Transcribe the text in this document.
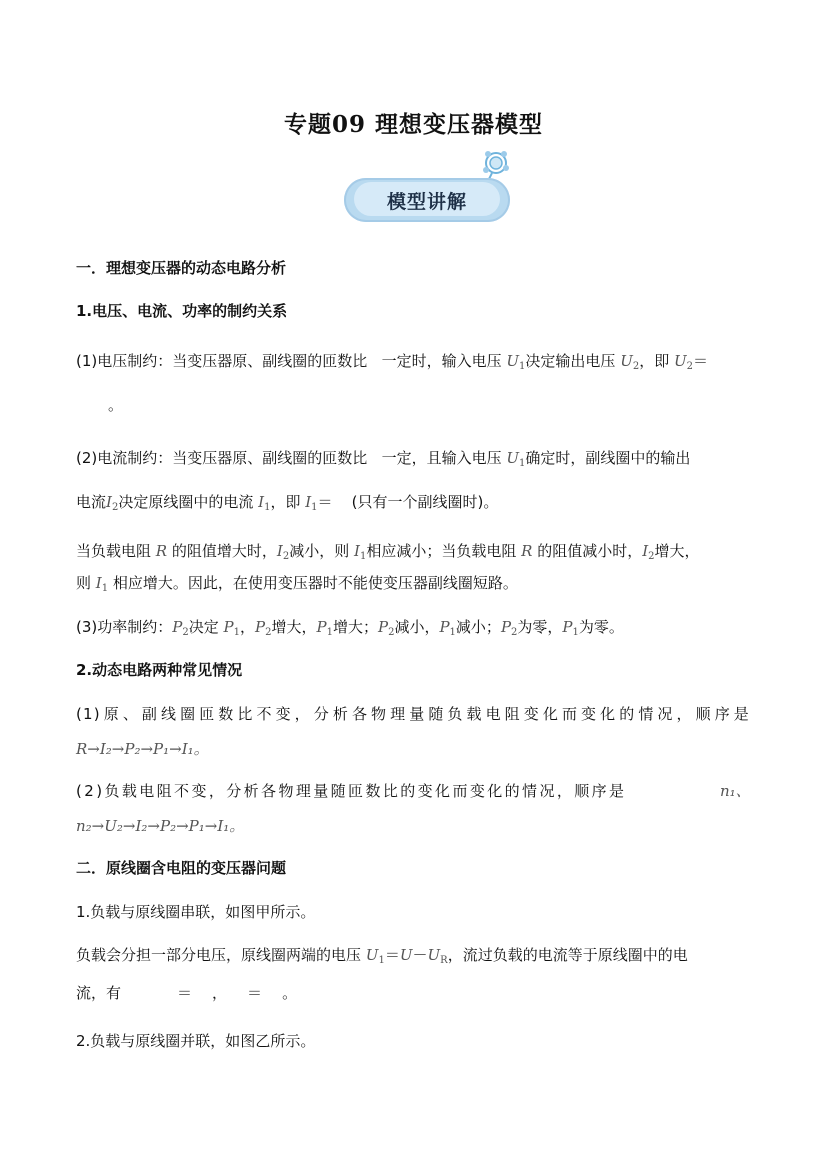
专题09 理想变压器模型
模型讲解
一．理想变压器的动态电路分析
1.电压、电流、功率的制约关系
(1)电压制约：当变压器原、副线圈的匝数比 一定时，输入电压 $U_1$决定输出电压 $U_2$，即 $U_2=$
。
(2)电流制约：当变压器原、副线圈的匝数比 一定，且输入电压 $U_1$确定时，副线圈中的输出
电流$I_2$决定原线圈中的电流 $I_1$，即 $I_1=$ (只有一个副线圈时)。
当负载电阻 R 的阻值增大时，$I_2$减小，则 $I_1$相应减小；当负载电阻 R 的阻值减小时，$I_2$增大，
则 $I_1$ 相应增大。因此，在使用变压器时不能使变压器副线圈短路。
(3)功率制约：$P_2$决定 $P_1$，$P_2$增大，$P_1$增大；$P_2$减小，$P_1$减小；$P_2$为零，$P_1$为零。
2.动态电路两种常见情况
(1)原、副线圈匝数比不变，分析各物理量随负载电阻变化而变化的情况，顺序是
R→I₂→P₂→P₁→I₁。
(2)负载电阻不变，分析各物理量随匝数比的变化而变化的情况，顺序是	n₁、
n₂→U₂→I₂→P₂→P₁→I₁。
二．原线圈含电阻的变压器问题
1.负载与原线圈串联，如图甲所示。
负载会分担一部分电压，原线圈两端的电压 $U_1=U-U_R$，流过负载的电流等于原线圈中的电
流，有	＝ ， ＝ 。
2.负载与原线圈并联，如图乙所示。
